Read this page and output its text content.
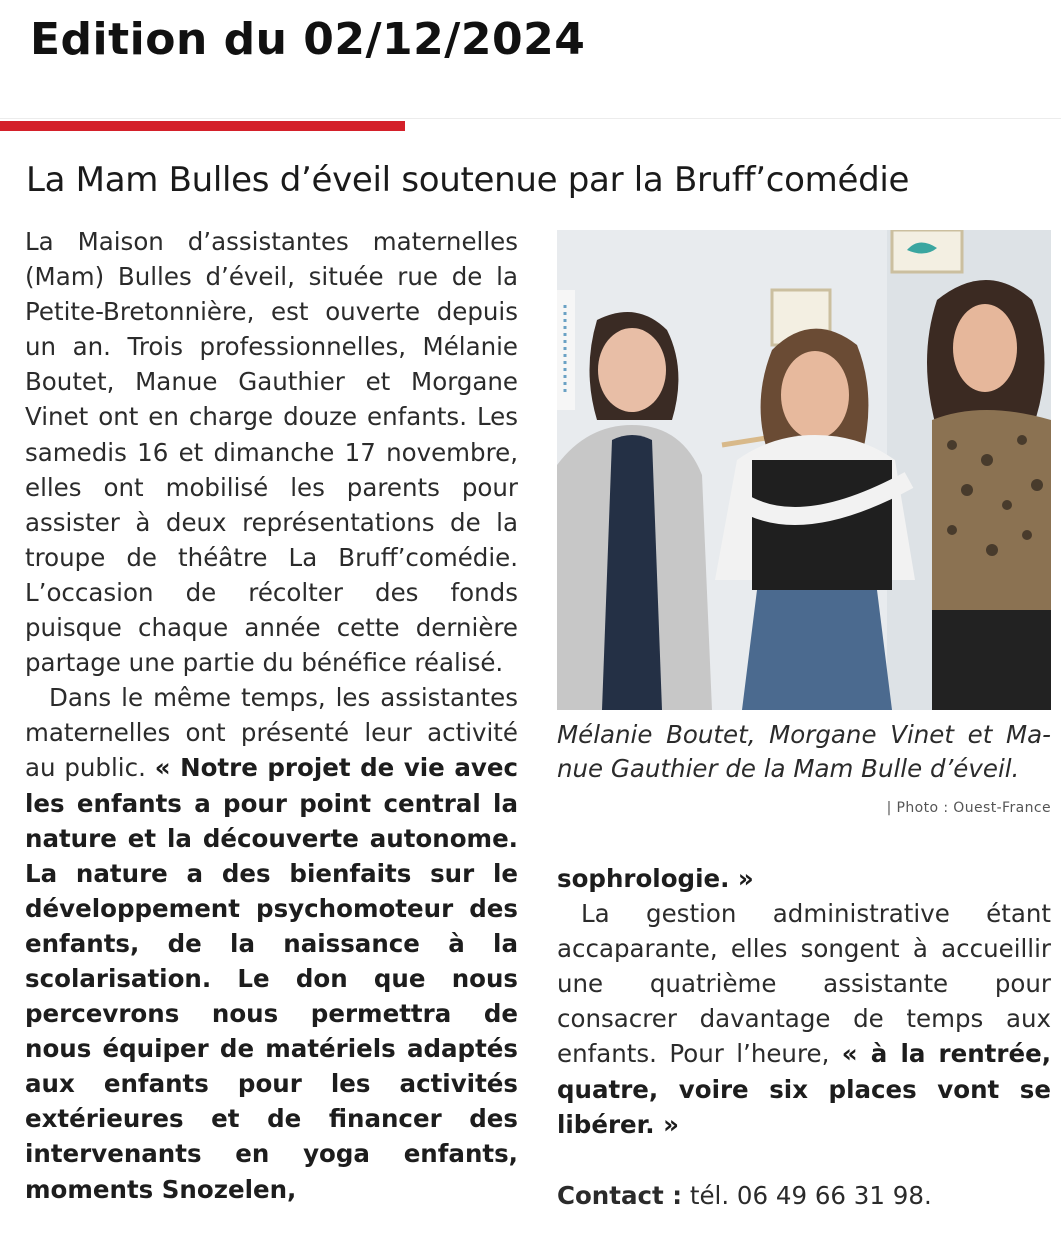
Edition du 02/12/2024
La Mam Bulles d’éveil soutenue par la Bruff’comédie

La Maison d’assistantes maternelles (Mam) Bulles d’éveil, située rue de la Petite-Bretonnière, est ouverte depuis un an. Trois professionnelles, Mélanie Boutet, Manue Gauthier et Morgane Vinet ont en charge douze enfants. Les samedis 16 et dimanche 17 novembre, elles ont mobilisé les parents pour assister à deux représentations de la troupe de théâtre La Bruff’comédie. L’occasion de récolter des fonds puisque chaque année cette dernière partage une partie du bénéfice réalisé.

Dans le même temps, les assistantes maternelles ont présenté leur activité au public. « Notre projet de vie avec les enfants a pour point central la nature et la découverte autonome. La nature a des bienfaits sur le développement psychomoteur des enfants, de la naissance à la scolarisation. Le don que nous percevrons nous permettra de nous équiper de matériels adaptés aux enfants pour les activités extérieures et de financer des intervenants en yoga enfants, moments Snozelen,

Mélanie Boutet, Morgane Vinet et Manue Gauthier de la Mam Bulle d’éveil.
| Photo : Ouest-France

sophrologie. »

La gestion administrative étant accaparante, elles songent à accueillir une quatrième assistante pour consacrer davantage de temps aux enfants. Pour l’heure, « à la rentrée, quatre, voire six places vont se libérer. »

Contact : tél. 06 49 66 31 98.
